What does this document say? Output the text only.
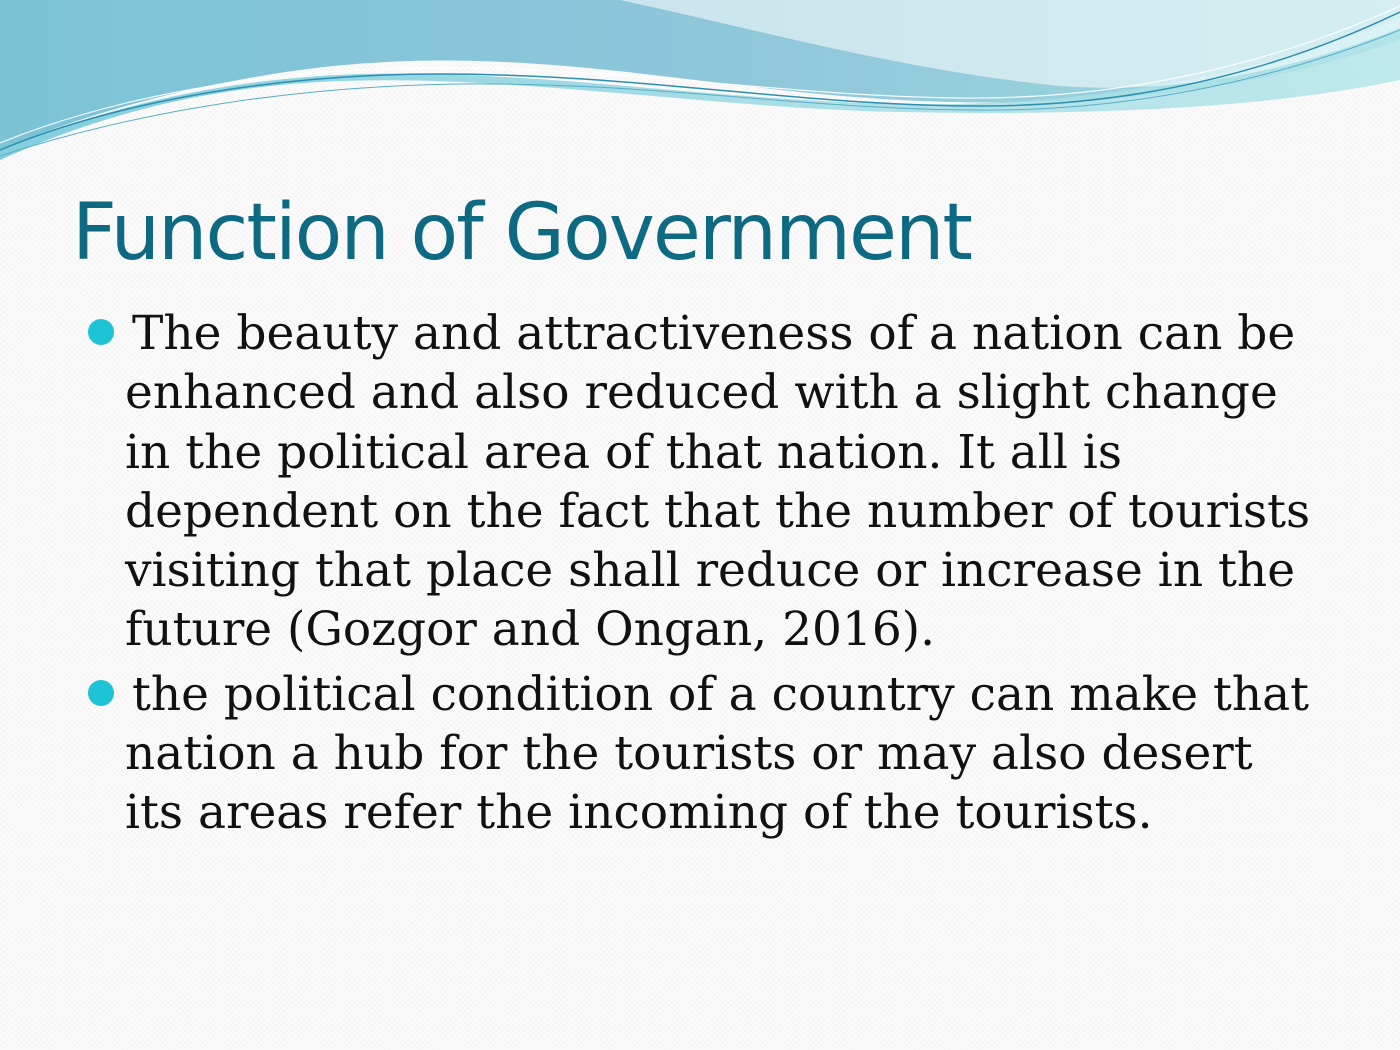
Function of Government
The beauty and attractiveness of a nation can be enhanced and also reduced with a slight change in the political area of that nation. It all is dependent on the fact that the number of tourists visiting that place shall reduce or increase in the future (Gozgor and Ongan, 2016).
the political condition of a country can make that nation a hub for the tourists or may also desert its areas refer the incoming of the tourists.
